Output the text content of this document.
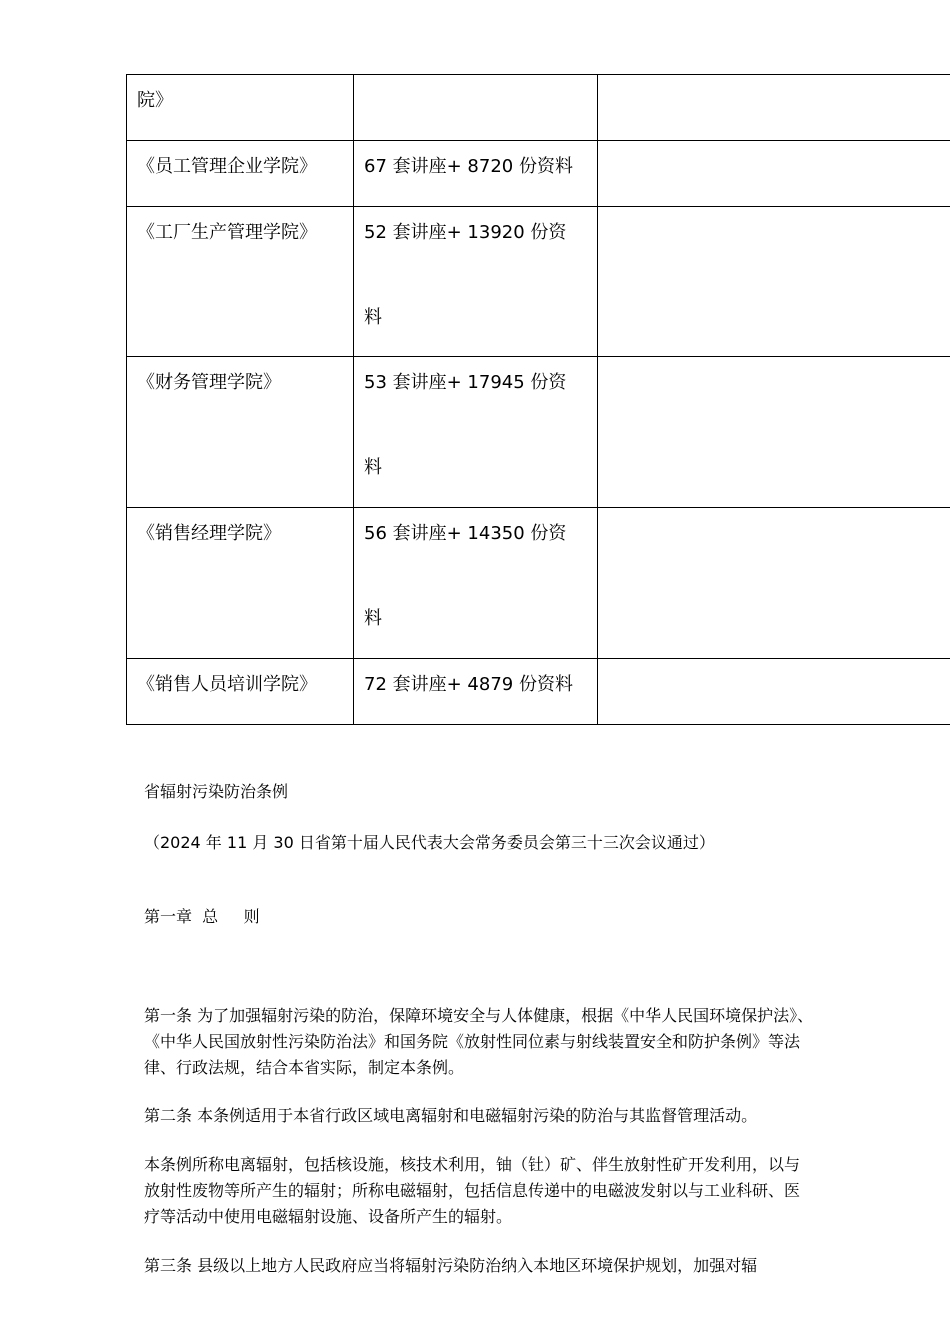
院》		

《员工管理企业学院》	67 套讲座+ 8720 份资料	

《工厂生产管理学院》	52 套讲座+ 13920 份资
料	

《财务管理学院》	53 套讲座+ 17945 份资
料	

《销售经理学院》	56 套讲座+ 14350 份资
料	

《销售人员培训学院》	72 套讲座+ 4879 份资料	

省辐射污染防治条例

（2024 年 11 月 30 日省第十届人民代表大会常务委员会第三十三次会议通过）

第一章  总     则

第一条 为了加强辐射污染的防治，保障环境安全与人体健康，根据《中华人民国环境保护法》、《中华人民国放射性污染防治法》和国务院《放射性同位素与射线装置安全和防护条例》等法律、行政法规，结合本省实际，制定本条例。

第二条 本条例适用于本省行政区域电离辐射和电磁辐射污染的防治与其监督管理活动。

本条例所称电离辐射，包括核设施，核技术利用，铀（钍）矿、伴生放射性矿开发利用，以与放射性废物等所产生的辐射；所称电磁辐射，包括信息传递中的电磁波发射以与工业科研、医疗等活动中使用电磁辐射设施、设备所产生的辐射。

第三条 县级以上地方人民政府应当将辐射污染防治纳入本地区环境保护规划，加强对辐
